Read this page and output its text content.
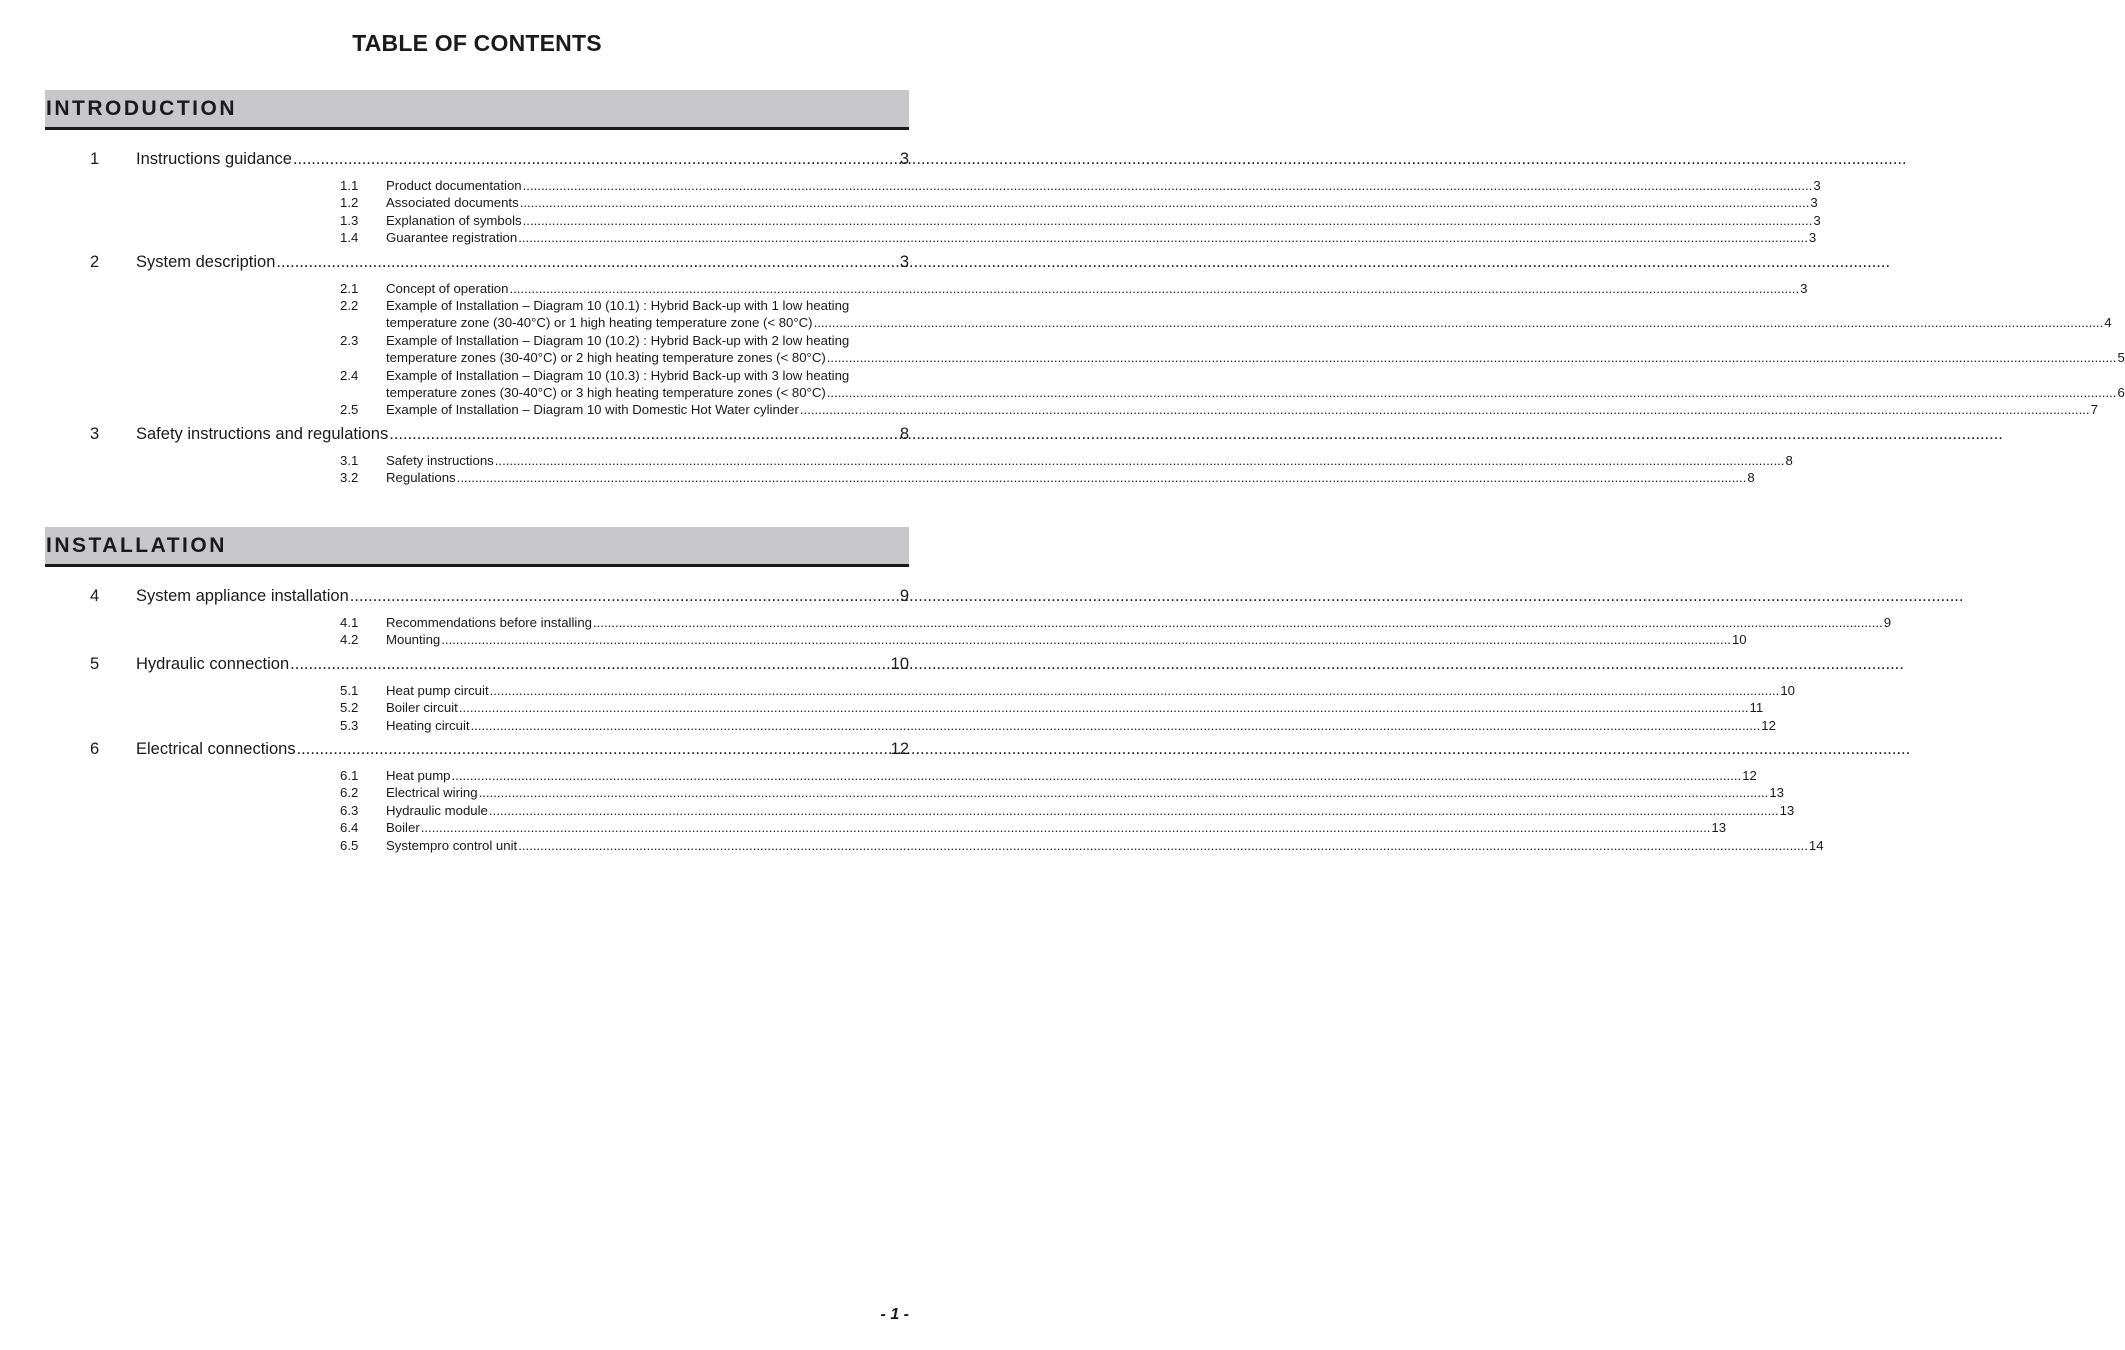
TABLE OF CONTENTS
INTRODUCTION
1	Instructions guidance .....	3
1.1	Product documentation .....	3
1.2	Associated documents .....	3
1.3	Explanation of symbols .....	3
1.4	Guarantee registration .....	3
2	System description .....	3
2.1	Concept of operation .....	3
2.2	Example of Installation – Diagram 10 (10.1) : Hybrid Back-up with 1 low heating
temperature zone (30-40°C) or 1 high heating temperature zone (< 80°C) .....	4
2.3	Example of Installation – Diagram 10 (10.2) : Hybrid Back-up with 2 low heating
temperature zones (30-40°C) or 2 high heating temperature zones (< 80°C) .....	5
2.4	Example of Installation – Diagram 10 (10.3) : Hybrid Back-up with 3 low heating
temperature zones (30-40°C) or 3 high heating temperature zones (< 80°C) .....	6
2.5	Example of Installation – Diagram 10 with Domestic Hot Water cylinder .....	7
3	Safety instructions and regulations .....	8
3.1	Safety instructions .....	8
3.2	Regulations .....	8
INSTALLATION
4	System appliance installation .....	9
4.1	Recommendations before installing .....	9
4.2	Mounting .....	10
5	Hydraulic connection .....	10
5.1	Heat pump circuit .....	10
5.2	Boiler circuit .....	11
5.3	Heating circuit .....	12
6	Electrical connections .....	12
6.1	Heat pump .....	12
6.2	Electrical wiring .....	13
6.3	Hydraulic module .....	13
6.4	Boiler .....	13
6.5	Systempro control unit .....	14
- 1 -
